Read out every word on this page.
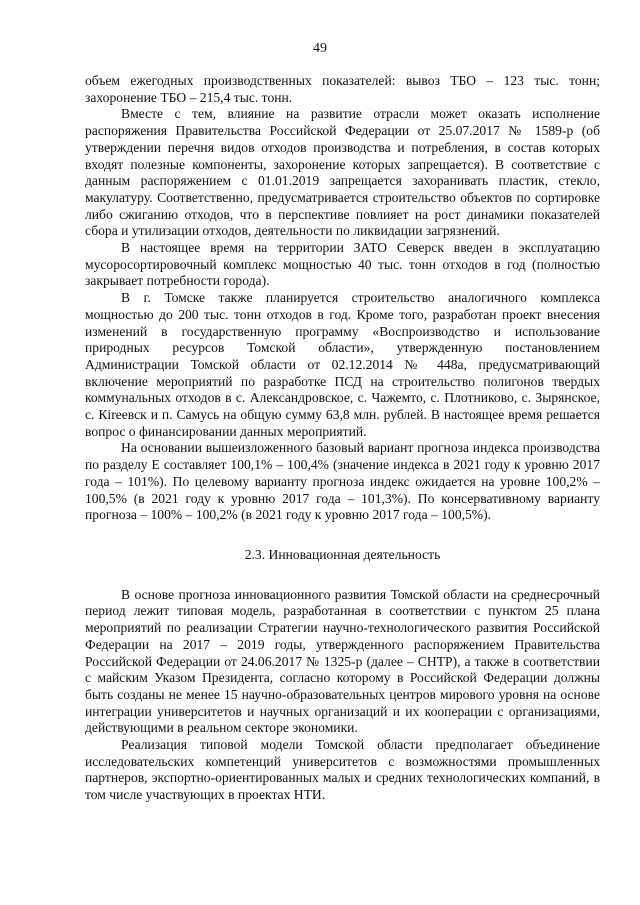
49

объем ежегодных производственных показателей: вывоз ТБО – 123 тыс. тонн; захоронение ТБО – 215,4 тыс. тонн.

Вместе с тем, влияние на развитие отрасли может оказать исполнение распоряжения Правительства Российской Федерации от 25.07.2017 № 1589-р (об утверждении перечня видов отходов производства и потребления, в состав которых входят полезные компоненты, захоронение которых запрещается). В соответствие с данным распоряжением с 01.01.2019 запрещается захоранивать пластик, стекло, макулатуру. Соответственно, предусматривается строительство объектов по сортировке либо сжиганию отходов, что в перспективе повлияет на рост динамики показателей сбора и утилизации отходов, деятельности по ликвидации загрязнений.

В настоящее время на территории ЗАТО Северск введен в эксплуатацию мусоросортировочный комплекс мощностью 40 тыс. тонн отходов в год (полностью закрывает потребности города).

В г. Томске также планируется строительство аналогичного комплекса мощностью до 200 тыс. тонн отходов в год. Кроме того, разработан проект внесения изменений в государственную программу «Воспроизводство и использование природных ресурсов Томской области», утвержденную постановлением Администрации Томской области от 02.12.2014 № 448а, предусматривающий включение мероприятий по разработке ПСД на строительство полигонов твердых коммунальных отходов в с. Александровское, с. Чажемто, с. Плотниково, с. Зырянское, с. Кireевск и п. Самусь на общую сумму 63,8 млн. рублей. В настоящее время решается вопрос о финансировании данных мероприятий.

На основании вышеизложенного базовый вариант прогноза индекса производства по разделу Е составляет 100,1% – 100,4% (значение индекса в 2021 году к уровню 2017 года – 101%). По целевому варианту прогноза индекс ожидается на уровне 100,2% – 100,5% (в 2021 году к уровню 2017 года – 101,3%). По консервативному варианту прогноза – 100% – 100,2% (в 2021 году к уровню 2017 года – 100,5%).

2.3. Инновационная деятельность

В основе прогноза инновационного развития Томской области на среднесрочный период лежит типовая модель, разработанная в соответствии с пунктом 25 плана мероприятий по реализации Стратегии научно-технологического развития Российской Федерации на 2017 – 2019 годы, утвержденного распоряжением Правительства Российской Федерации от 24.06.2017 № 1325-р (далее – СНТР), а также в соответствии с майским Указом Президента, согласно которому в Российской Федерации должны быть созданы не менее 15 научно-образовательных центров мирового уровня на основе интеграции университетов и научных организаций и их кооперации с организациями, действующими в реальном секторе экономики.

Реализация типовой модели Томской области предполагает объединение исследовательских компетенций университетов с возможностями промышленных партнеров, экспортно-ориентированных малых и средних технологических компаний, в том числе участвующих в проектах НТИ.
